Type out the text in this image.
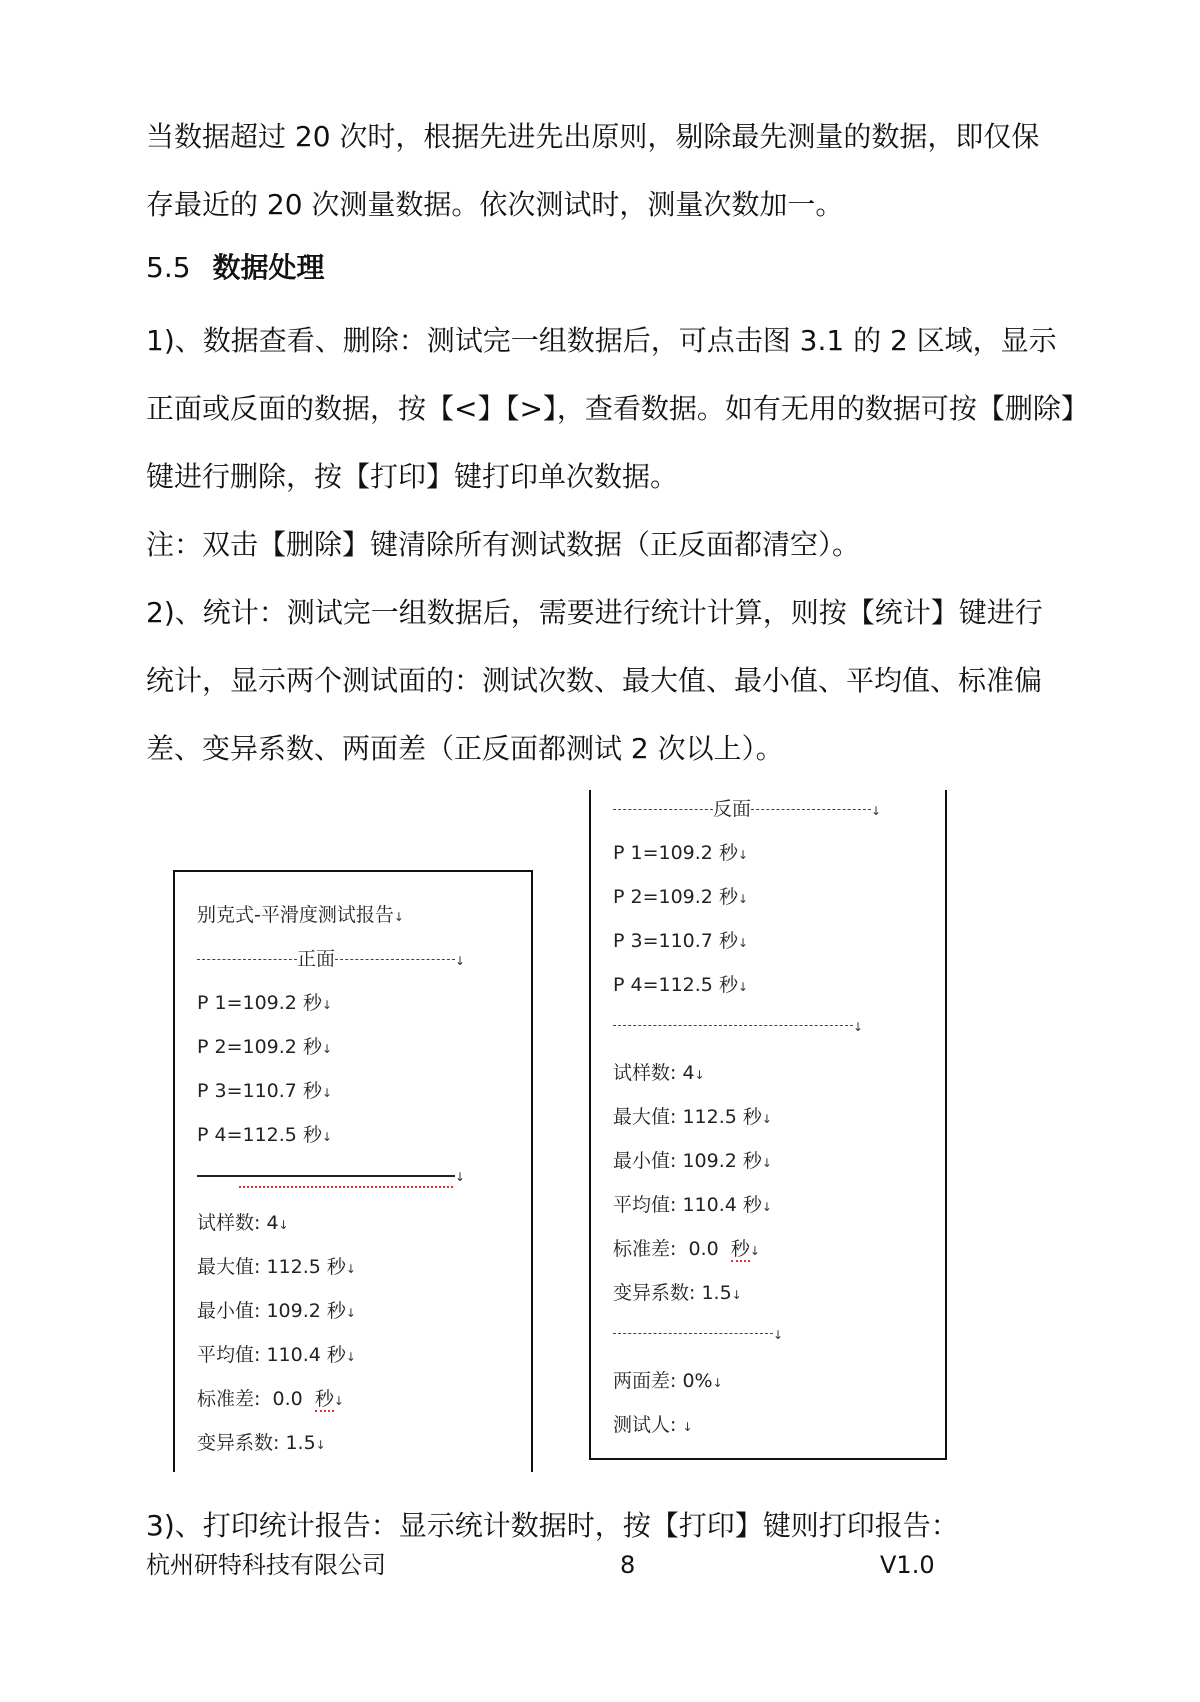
当数据超过 20 次时，根据先进先出原则，剔除最先测量的数据，即仅保
存最近的 20 次测量数据。依次测试时，测量次数加一。
5.5 数据处理
1)、数据查看、删除：测试完一组数据后，可点击图 3.1 的 2 区域，显示
正面或反面的数据，按【<】【>】，查看数据。如有无用的数据可按【删除】
键进行删除，按【打印】键打印单次数据。
注：双击【删除】键清除所有测试数据（正反面都清空）。
2)、统计：测试完一组数据后，需要进行统计计算，则按【统计】键进行
统计，显示两个测试面的：测试次数、最大值、最小值、平均值、标准偏
差、变异系数、两面差（正反面都测试 2 次以上）。
别克式-平滑度测试报告↓
正面	↓
P 1=109.2 秒↓
P 2=109.2 秒↓
P 3=110.7 秒↓
P 4=112.5 秒↓
↓
试样数: 4↓
最大值: 112.5 秒↓
最小值: 109.2 秒↓
平均值: 110.4 秒↓
标准差: 0.0 秒↓
变异系数: 1.5↓
反面	↓
P 1=109.2 秒↓
P 2=109.2 秒↓
P 3=110.7 秒↓
P 4=112.5 秒↓
↓
试样数: 4↓
最大值: 112.5 秒↓
最小值: 109.2 秒↓
平均值: 110.4 秒↓
标准差: 0.0 秒↓
变异系数: 1.5↓
↓
两面差: 0%↓
测试人: ↓
3)、打印统计报告：显示统计数据时，按【打印】键则打印报告：
杭州研特科技有限公司	8	V1.0
